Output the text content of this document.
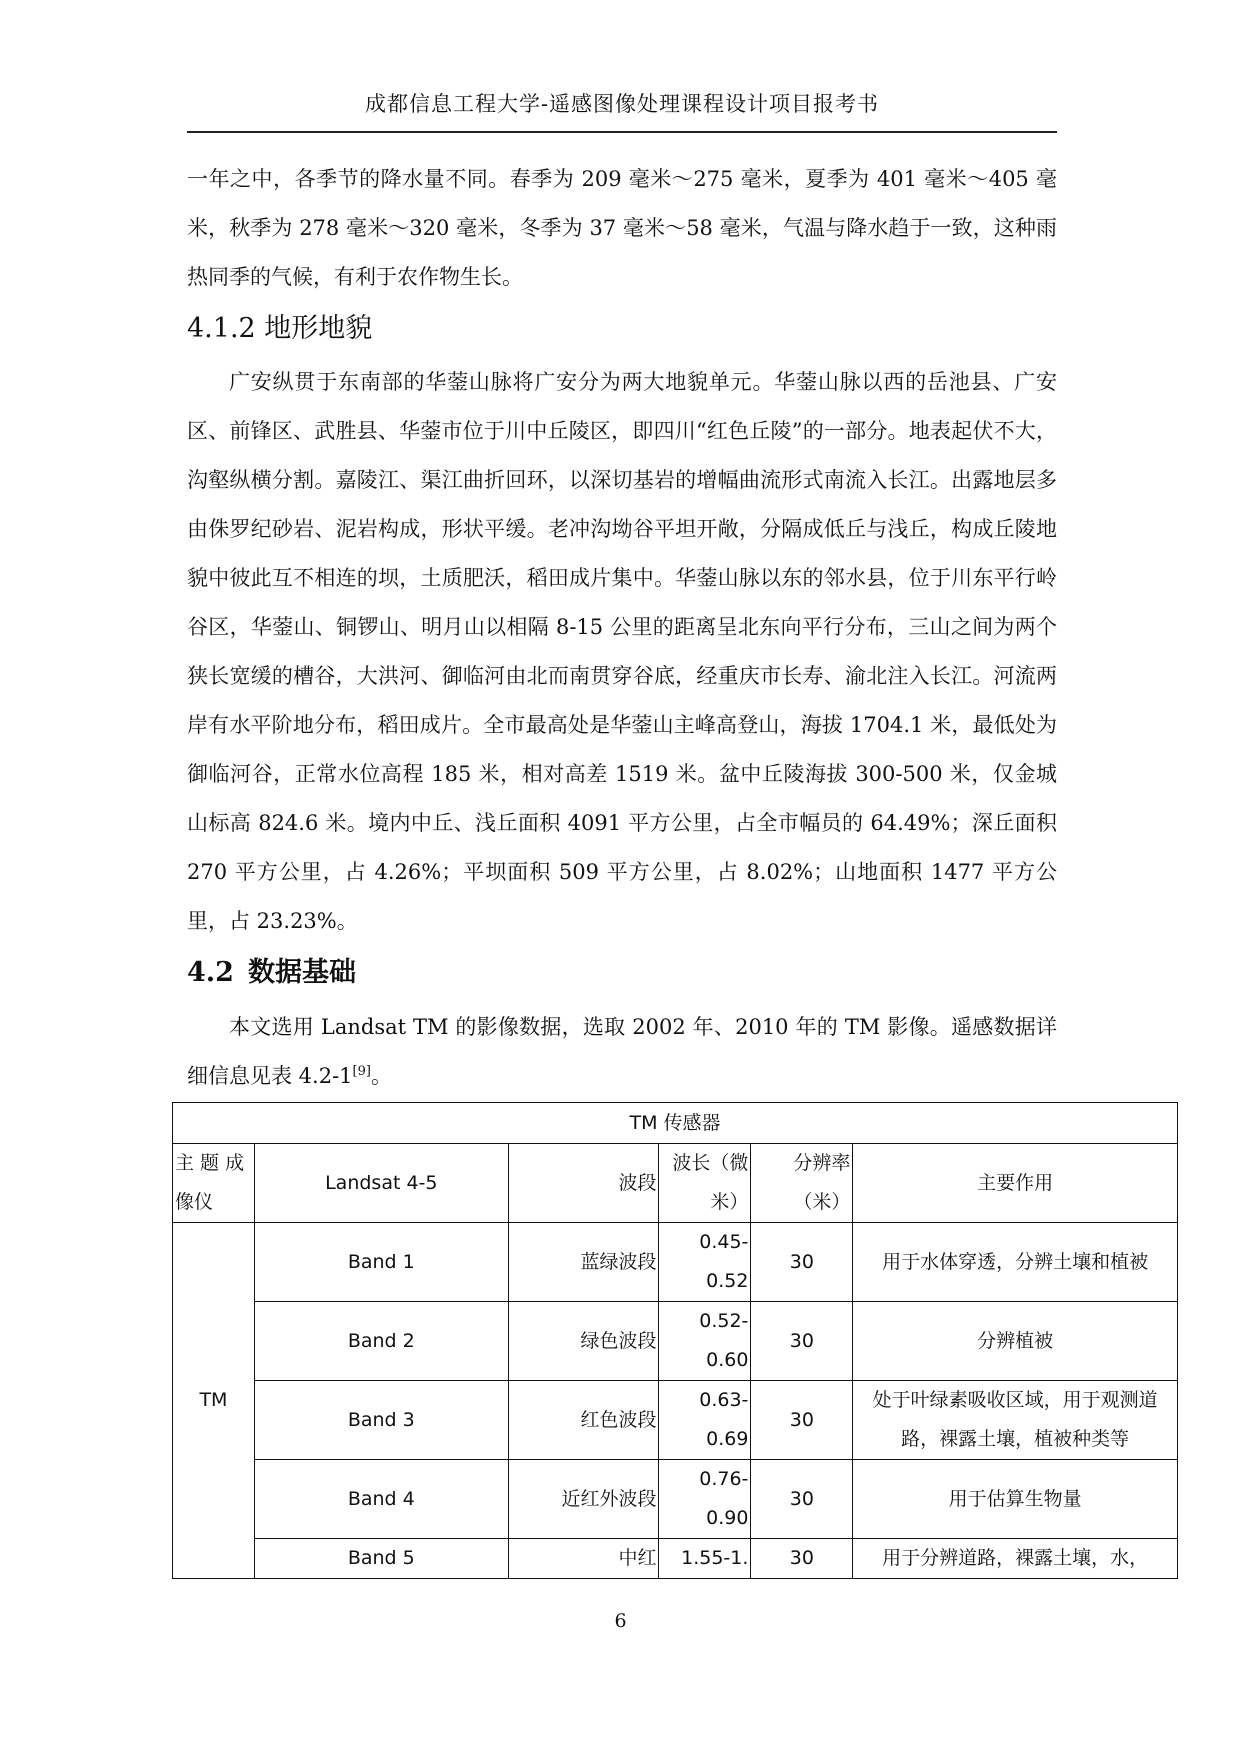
成都信息工程大学-遥感图像处理课程设计项目报考书

一年之中，各季节的降水量不同。春季为 209 毫米～275 毫米，夏季为 401 毫米～405 毫米，秋季为 278 毫米～320 毫米，冬季为 37 毫米～58 毫米，气温与降水趋于一致，这种雨热同季的气候，有利于农作物生长。

4.1.2 地形地貌

广安纵贯于东南部的华蓥山脉将广安分为两大地貌单元。华蓥山脉以西的岳池县、广安区、前锋区、武胜县、华蓥市位于川中丘陵区，即四川“红色丘陵”的一部分。地表起伏不大，沟壑纵横分割。嘉陵江、渠江曲折回环，以深切基岩的增幅曲流形式南流入长江。出露地层多由侏罗纪砂岩、泥岩构成，形状平缓。老冲沟坳谷平坦开敞，分隔成低丘与浅丘，构成丘陵地貌中彼此互不相连的坝，土质肥沃，稻田成片集中。华蓥山脉以东的邻水县，位于川东平行岭谷区，华蓥山、铜锣山、明月山以相隔 8-15 公里的距离呈北东向平行分布，三山之间为两个狭长宽缓的槽谷，大洪河、御临河由北而南贯穿谷底，经重庆市长寿、渝北注入长江。河流两岸有水平阶地分布，稻田成片。全市最高处是华蓥山主峰高登山，海拔 1704.1 米，最低处为御临河谷，正常水位高程 185 米，相对高差 1519 米。盆中丘陵海拔 300-500 米，仅金城山标高 824.6 米。境内中丘、浅丘面积 4091 平方公里，占全市幅员的 64.49%；深丘面积 270 平方公里，占 4.26%；平坝面积 509 平方公里，占 8.02%；山地面积 1477 平方公里，占 23.23%。

4.2 数据基础

本文选用 Landsat TM 的影像数据，选取 2002 年、2010 年的 TM 影像。遥感数据详细信息见表 4.2-1[9]。

TM 传感器					
主 题 成像仪	Landsat 4-5	波段	波长（微米）	分辨率（米）	主要作用
TM	Band 1	蓝绿波段	0.45-0.52	30	用于水体穿透，分辨土壤和植被
	Band 2	绿色波段	0.52-0.60	30	分辨植被
	Band 3	红色波段	0.63-0.69	30	处于叶绿素吸收区域，用于观测道路，裸露土壤，植被种类等
	Band 4	近红外波段	0.76-0.90	30	用于估算生物量
	Band 5	中红	1.55-1.	30	用于分辨道路，裸露土壤，水，
6
